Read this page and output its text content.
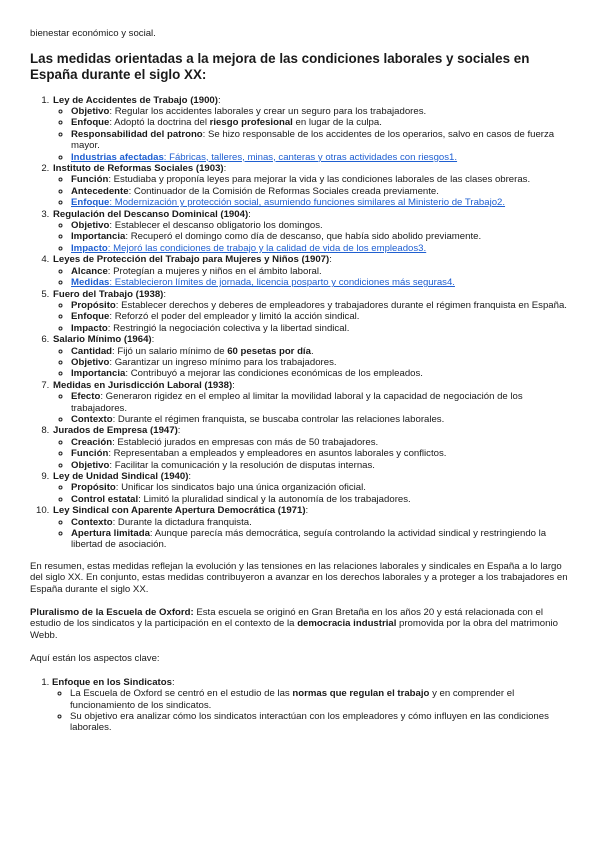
bienestar económico y social.

Las medidas orientadas a la mejora de las condiciones laborales y sociales en España durante el siglo XX:
1. Ley de Accidentes de Trabajo (1900):
◦ Objetivo: Regular los accidentes laborales y crear un seguro para los trabajadores.
◦ Enfoque: Adoptó la doctrina del riesgo profesional en lugar de la culpa.
◦ Responsabilidad del patrono: Se hizo responsable de los accidentes de los operarios, salvo en casos de fuerza mayor.
◦ Industrias afectadas: Fábricas, talleres, minas, canteras y otras actividades con riesgos1.
2. Instituto de Reformas Sociales (1903):
◦ Función: Estudiaba y proponía leyes para mejorar la vida y las condiciones laborales de las clases obreras.
◦ Antecedente: Continuador de la Comisión de Reformas Sociales creada previamente.
◦ Enfoque: Modernización y protección social, asumiendo funciones similares al Ministerio de Trabajo2.
3. Regulación del Descanso Dominical (1904):
◦ Objetivo: Establecer el descanso obligatorio los domingos.
◦ Importancia: Recuperó el domingo como día de descanso, que había sido abolido previamente.
◦ Impacto: Mejoró las condiciones de trabajo y la calidad de vida de los empleados3.
4. Leyes de Protección del Trabajo para Mujeres y Niños (1907):
◦ Alcance: Protegían a mujeres y niños en el ámbito laboral.
◦ Medidas: Establecieron límites de jornada, licencia posparto y condiciones más seguras4.
5. Fuero del Trabajo (1938):
◦ Propósito: Establecer derechos y deberes de empleadores y trabajadores durante el régimen franquista en España.
◦ Enfoque: Reforzó el poder del empleador y limitó la acción sindical.
◦ Impacto: Restringió la negociación colectiva y la libertad sindical.
6. Salario Mínimo (1964):
◦ Cantidad: Fijó un salario mínimo de 60 pesetas por día.
◦ Objetivo: Garantizar un ingreso mínimo para los trabajadores.
◦ Importancia: Contribuyó a mejorar las condiciones económicas de los empleados.
7. Medidas en Jurisdicción Laboral (1938):
◦ Efecto: Generaron rigidez en el empleo al limitar la movilidad laboral y la capacidad de negociación de los trabajadores.
◦ Contexto: Durante el régimen franquista, se buscaba controlar las relaciones laborales.
8. Jurados de Empresa (1947):
◦ Creación: Estableció jurados en empresas con más de 50 trabajadores.
◦ Función: Representaban a empleados y empleadores en asuntos laborales y conflictos.
◦ Objetivo: Facilitar la comunicación y la resolución de disputas internas.
9. Ley de Unidad Sindical (1940):
◦ Propósito: Unificar los sindicatos bajo una única organización oficial.
◦ Control estatal: Limitó la pluralidad sindical y la autonomía de los trabajadores.
10. Ley Sindical con Aparente Apertura Democrática (1971):
◦ Contexto: Durante la dictadura franquista.
◦ Apertura limitada: Aunque parecía más democrática, seguía controlando la actividad sindical y restringiendo la libertad de asociación.

En resumen, estas medidas reflejan la evolución y las tensiones en las relaciones laborales y sindicales en España a lo largo del siglo XX. En conjunto, estas medidas contribuyeron a avanzar en los derechos laborales y a proteger a los trabajadores en España durante el siglo XX.

Pluralismo de la Escuela de Oxford: Esta escuela se originó en Gran Bretaña en los años 20 y está relacionada con el estudio de los sindicatos y la participación en el contexto de la democracia industrial promovida por la obra del matrimonio Webb.

Aquí están los aspectos clave:

1. Enfoque en los Sindicatos:
◦ La Escuela de Oxford se centró en el estudio de las normas que regulan el trabajo y en comprender el funcionamiento de los sindicatos.
◦ Su objetivo era analizar cómo los sindicatos interactúan con los empleadores y cómo influyen en las condiciones laborales.
